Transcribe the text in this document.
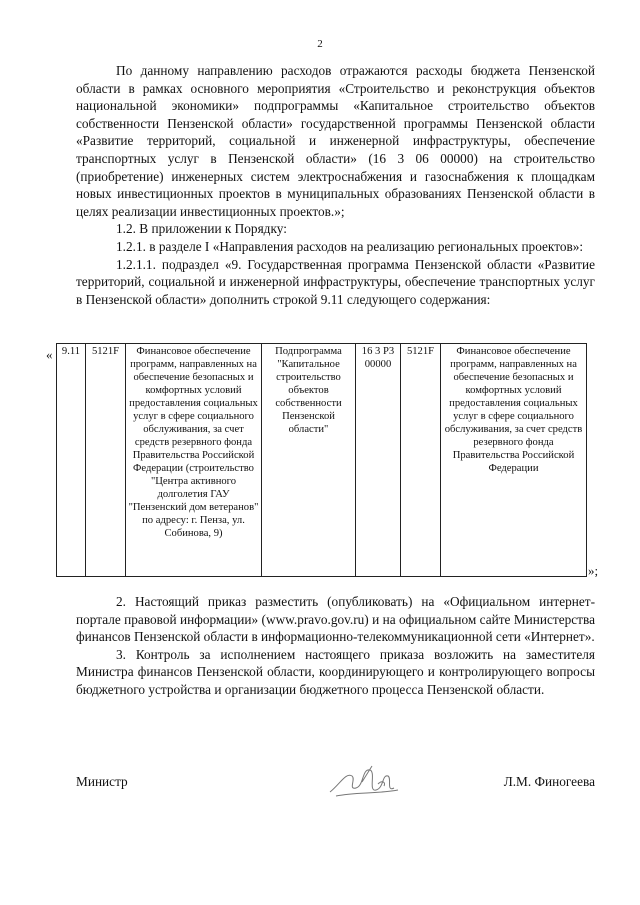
2

По данному направлению расходов отражаются расходы бюджета Пензенской области в рамках основного мероприятия «Строительство и реконструкция объектов национальной экономики» подпрограммы «Капитальное строительство объектов собственности Пензенской области» государственной программы Пензенской области «Развитие территорий, социальной и инженерной инфраструктуры, обеспечение транспортных услуг в Пензенской области» (16 3 06 00000) на строительство (приобретение) инженерных систем электроснабжения и газоснабжения к площадкам новых инвестиционных проектов в муниципальных образованиях Пензенской области в целях реализации инвестиционных проектов.»;

1.2. В приложении к Порядку:

1.2.1. в разделе I «Направления расходов на реализацию региональных проектов»:

1.2.1.1. подраздел «9. Государственная программа Пензенской области «Развитие территорий, социальной и инженерной инфраструктуры, обеспечение транспортных услуг в Пензенской области» дополнить строкой 9.11 следующего содержания:

« 9.11	5121F	Финансовое обеспечение программ, направленных на обеспечение безопасных и комфортных условий предоставления социальных услуг в сфере социального обслуживания, за счет средств резервного фонда Правительства Российской Федерации (строительство "Центра активного долголетия ГАУ "Пензенский дом ветеранов" по адресу: г. Пенза, ул. Собинова, 9)	Подпрограмма "Капитальное строительство объектов собственности Пензенской области"	16 3 Р3 00000	5121F	Финансовое обеспечение программ, направленных на обеспечение безопасных и комфортных условий предоставления социальных услуг в сфере социального обслуживания, за счет средств резервного фонда Правительства Российской Федерации
»;

2. Настоящий приказ разместить (опубликовать) на «Официальном интернет-портале правовой информации» (www.pravo.gov.ru) и на официальном сайте Министерства финансов Пензенской области в информационно-телекоммуникационной сети «Интернет».

3. Контроль за исполнением настоящего приказа возложить на заместителя Министра финансов Пензенской области, координирующего и контролирующего вопросы бюджетного устройства и организации бюджетного процесса Пензенской области.

Министр	Л.М. Финогеева
